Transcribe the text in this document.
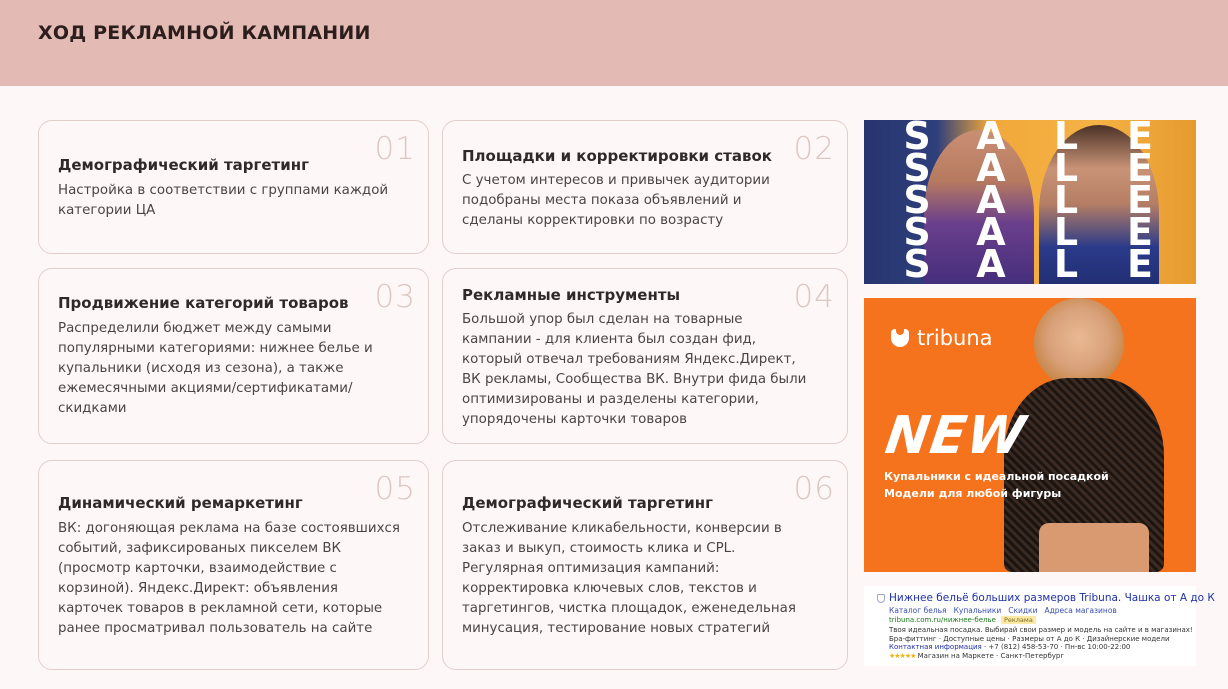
ХОД РЕКЛАМНОЙ КАМПАНИИ
01
Демографический таргетинг
Настройка в соответствии с группами каждой
категории ЦА
02
Площадки и корректировки ставок
С учетом интересов и привычек аудитории
подобраны места показа объявлений и
сделаны корректировки по возрасту
03
Продвижение категорий товаров
Распределили бюджет между самыми
популярными категориями: нижнее белье и
купальники (исходя из сезона), а также
ежемесячными акциями/сертификатами/
скидками
04
Рекламные инструменты
Большой упор был сделан на товарные
кампании - для клиента был создан фид,
который отвечал требованиям Яндекс.Директ,
ВК рекламы, Сообщества ВК. Внутри фида были
оптимизированы и разделены категории,
упорядочены карточки товаров
05
Динамический ремаркетинг
ВК: догоняющая реклама на базе состоявшихся
событий, зафиксированых пикселем ВК
(просмотр карточки, взаимодействие с
корзиной). Яндекс.Директ: объявления
карточек товаров в рекламной сети, которые
ранее просматривал пользователь на сайте
06
Демографический таргетинг
Отслеживание кликабельности, конверсии в
заказ и выкуп, стоимость клика и CPL.
Регулярная оптимизация кампаний:
корректировка ключевых слов, текстов и
таргетингов, чистка площадок, еженедельная
минусация, тестирование новых стратегий
S
S
S
S
S
A
A
A
A
A
L
L
L
L
L
E
E
E
E
E
tribuna
NEW
Купальники с идеальной посадкой
Модели для любой фигуры
Нижнее бельё больших размеров Tribuna. Чашка от А до К
Каталог белья Купальники Скидки Адреса магазинов
tribuna.com.ru/нижнее-белье Реклама
Твоя идеальная посадка. Выбирай свои размер и модель на сайте и в магазинах!
Бра-фиттинг · Доступные цены · Размеры от А до К · Дизайнерские модели
Контактная информация · +7 (812) 458-53-70 · Пн-вс 10:00-22:00
★★★★★ Магазин на Маркете · Санкт-Петербург
